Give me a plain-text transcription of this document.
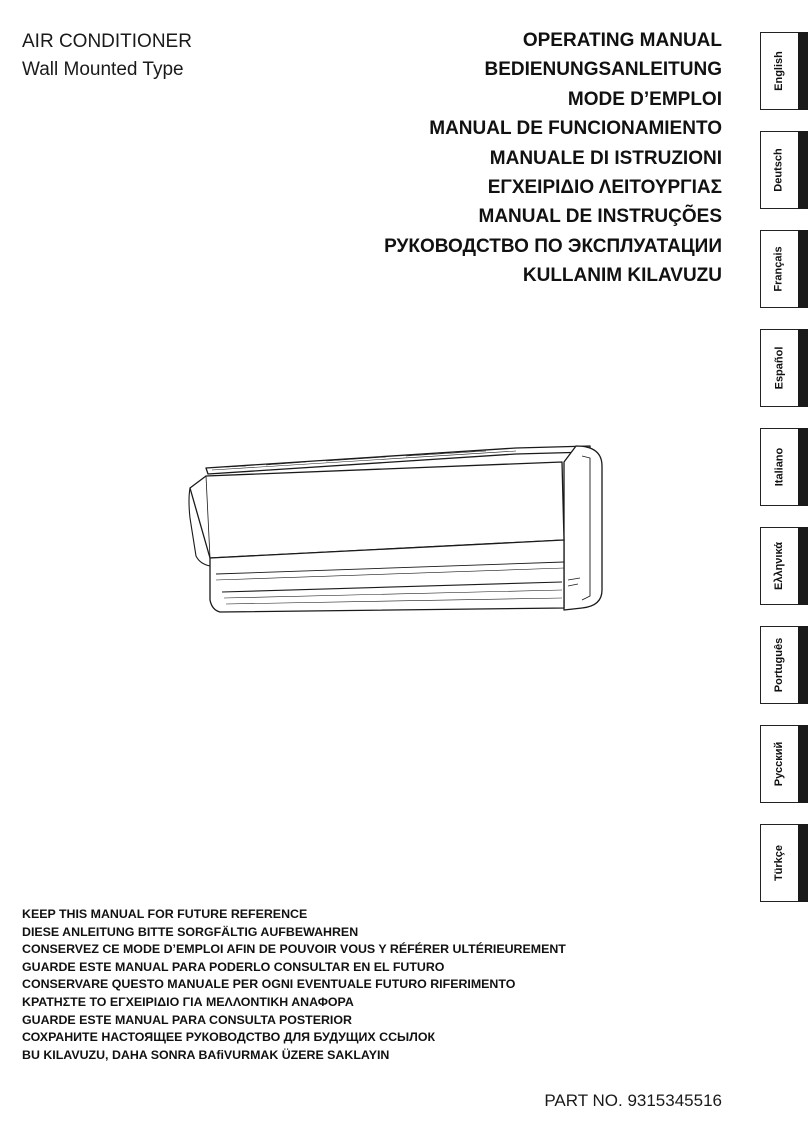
AIR CONDITIONER
Wall Mounted Type
OPERATING MANUAL
BEDIENUNGSANLEITUNG
MODE D’EMPLOI
MANUAL DE FUNCIONAMIENTO
MANUALE DI ISTRUZIONI
ΕΓΧΕΙΡΙΔΙΟ ΛΕΙΤΟΥΡΓΙΑΣ
MANUAL DE INSTRUÇÕES
РУКОВОДСТВО ПО ЭКСПЛУАТАЦИИ
KULLANIM KILAVUZU
English
Deutsch
Français
Español
Italiano
Ελληνικά
Português
Русский
Türkçe
KEEP THIS MANUAL FOR FUTURE REFERENCE
DIESE ANLEITUNG BITTE SORGFÄLTIG AUFBEWAHREN
CONSERVEZ CE MODE D’EMPLOI AFIN DE POUVOIR VOUS Y RÉFÉRER ULTÉRIEUREMENT
GUARDE ESTE MANUAL PARA PODERLO CONSULTAR EN EL FUTURO
CONSERVARE QUESTO MANUALE PER OGNI EVENTUALE FUTURO RIFERIMENTO
ΚΡΑΤΗΣΤΕ ΤΟ ΕΓΧΕΙΡΙΔΙΟ ΓΙΑ ΜΕΛΛΟΝΤΙΚΗ ΑΝΑΦΟΡΑ
GUARDE ESTE MANUAL PARA CONSULTA POSTERIOR
СОХРАНИТЕ НАСТОЯЩЕЕ РУКОВОДСТВО ДЛЯ БУДУЩИХ ССЫЛОК
BU KILAVUZU, DAHA SONRA BAfiVURMAK ÜZERE SAKLAYIN
PART NO. 9315345516
